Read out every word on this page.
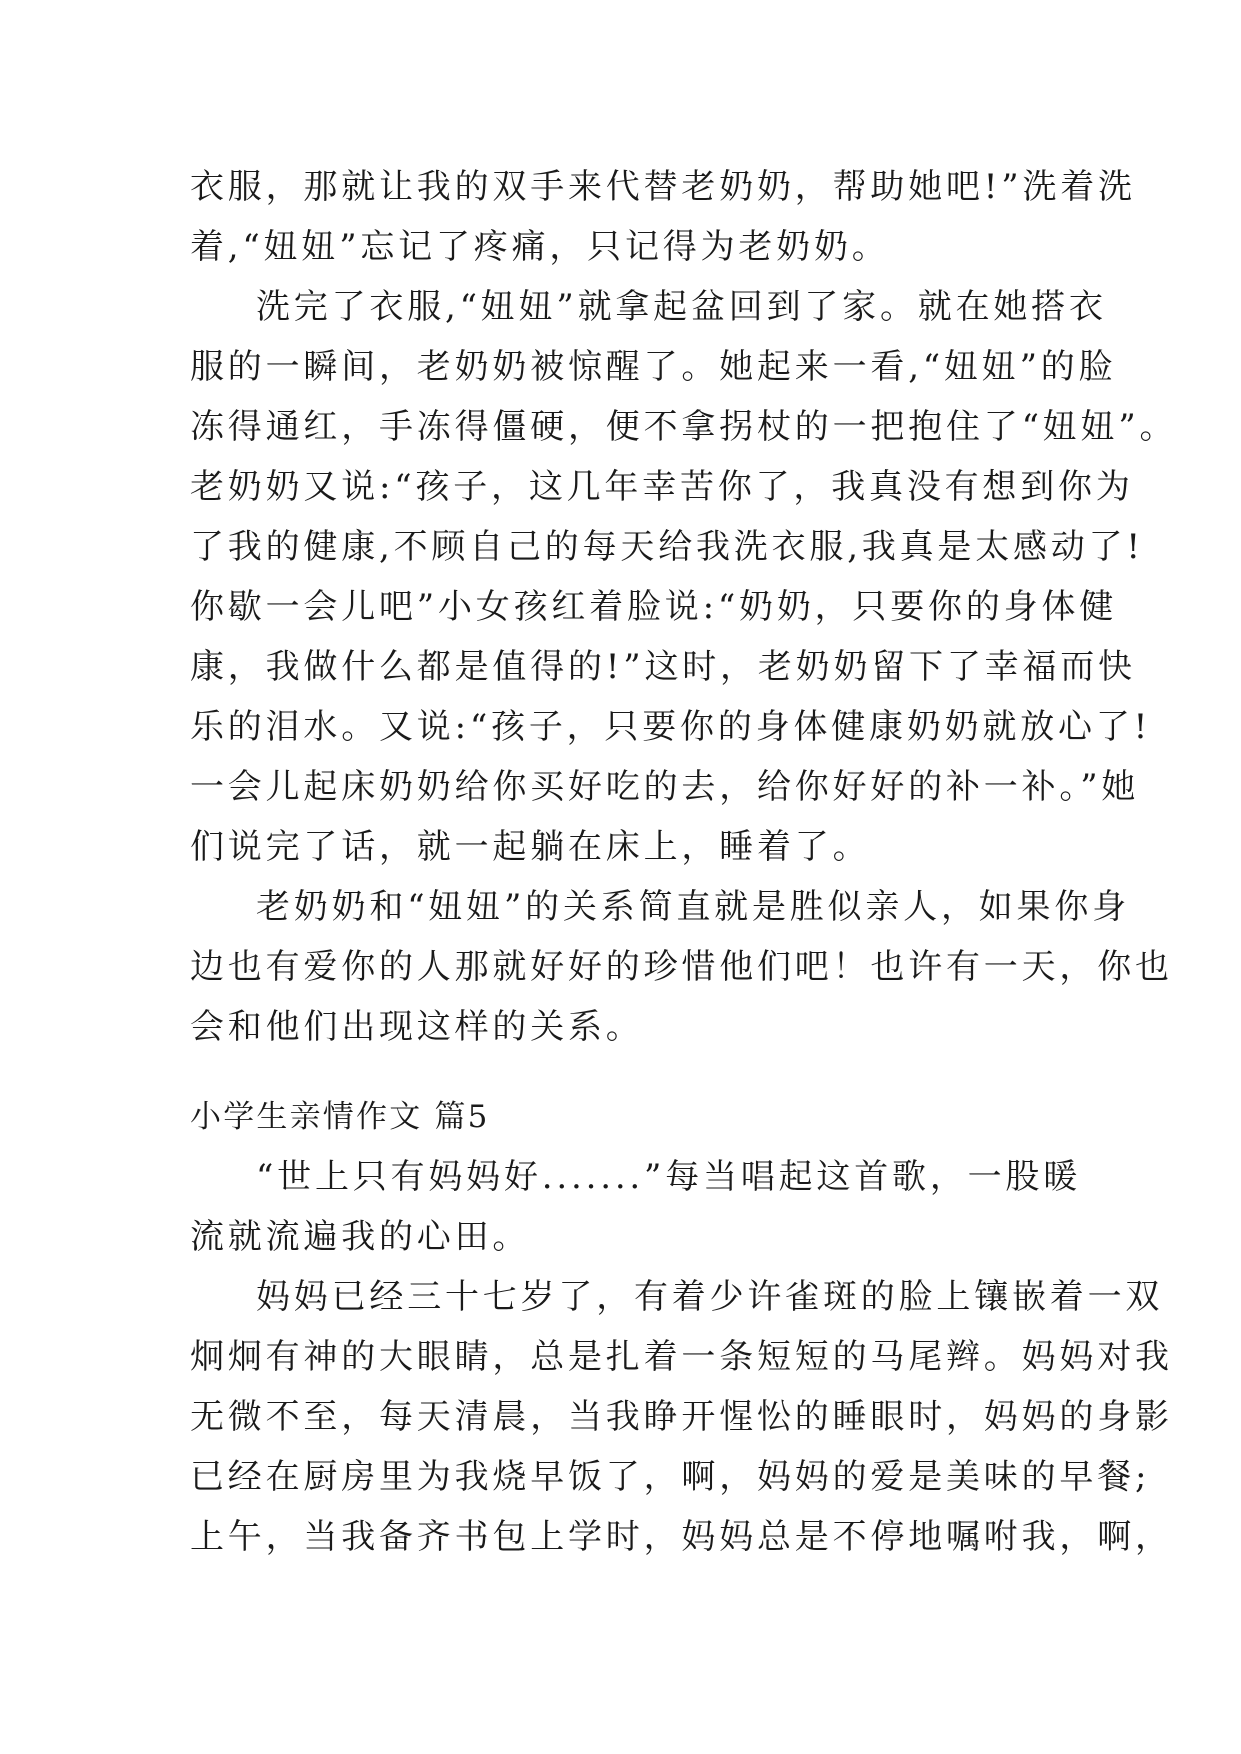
衣服，那就让我的双手来代替老奶奶，帮助她吧!”洗着洗

着,“妞妞”忘记了疼痛，只记得为老奶奶。

洗完了衣服,“妞妞”就拿起盆回到了家。就在她搭衣

服的一瞬间，老奶奶被惊醒了。她起来一看,“妞妞”的脸

冻得通红，手冻得僵硬，便不拿拐杖的一把抱住了“妞妞”。

老奶奶又说:“孩子，这几年幸苦你了，我真没有想到你为

了我的健康,不顾自己的每天给我洗衣服,我真是太感动了!

你歇一会儿吧”小女孩红着脸说:“奶奶，只要你的身体健

康，我做什么都是值得的!”这时，老奶奶留下了幸福而快

乐的泪水。又说:“孩子，只要你的身体健康奶奶就放心了!

一会儿起床奶奶给你买好吃的去，给你好好的补一补。”她

们说完了话，就一起躺在床上，睡着了。

老奶奶和“妞妞”的关系简直就是胜似亲人，如果你身

边也有爱你的人那就好好的珍惜他们吧！也许有一天，你也

会和他们出现这样的关系。

小学生亲情作文 篇5

“世上只有妈妈好.......”每当唱起这首歌，一股暖

流就流遍我的心田。

妈妈已经三十七岁了，有着少许雀斑的脸上镶嵌着一双

炯炯有神的大眼睛，总是扎着一条短短的马尾辫。妈妈对我

无微不至，每天清晨，当我睁开惺忪的睡眼时，妈妈的身影

已经在厨房里为我烧早饭了，啊，妈妈的爱是美味的早餐;

上午，当我备齐书包上学时，妈妈总是不停地嘱咐我，啊，
